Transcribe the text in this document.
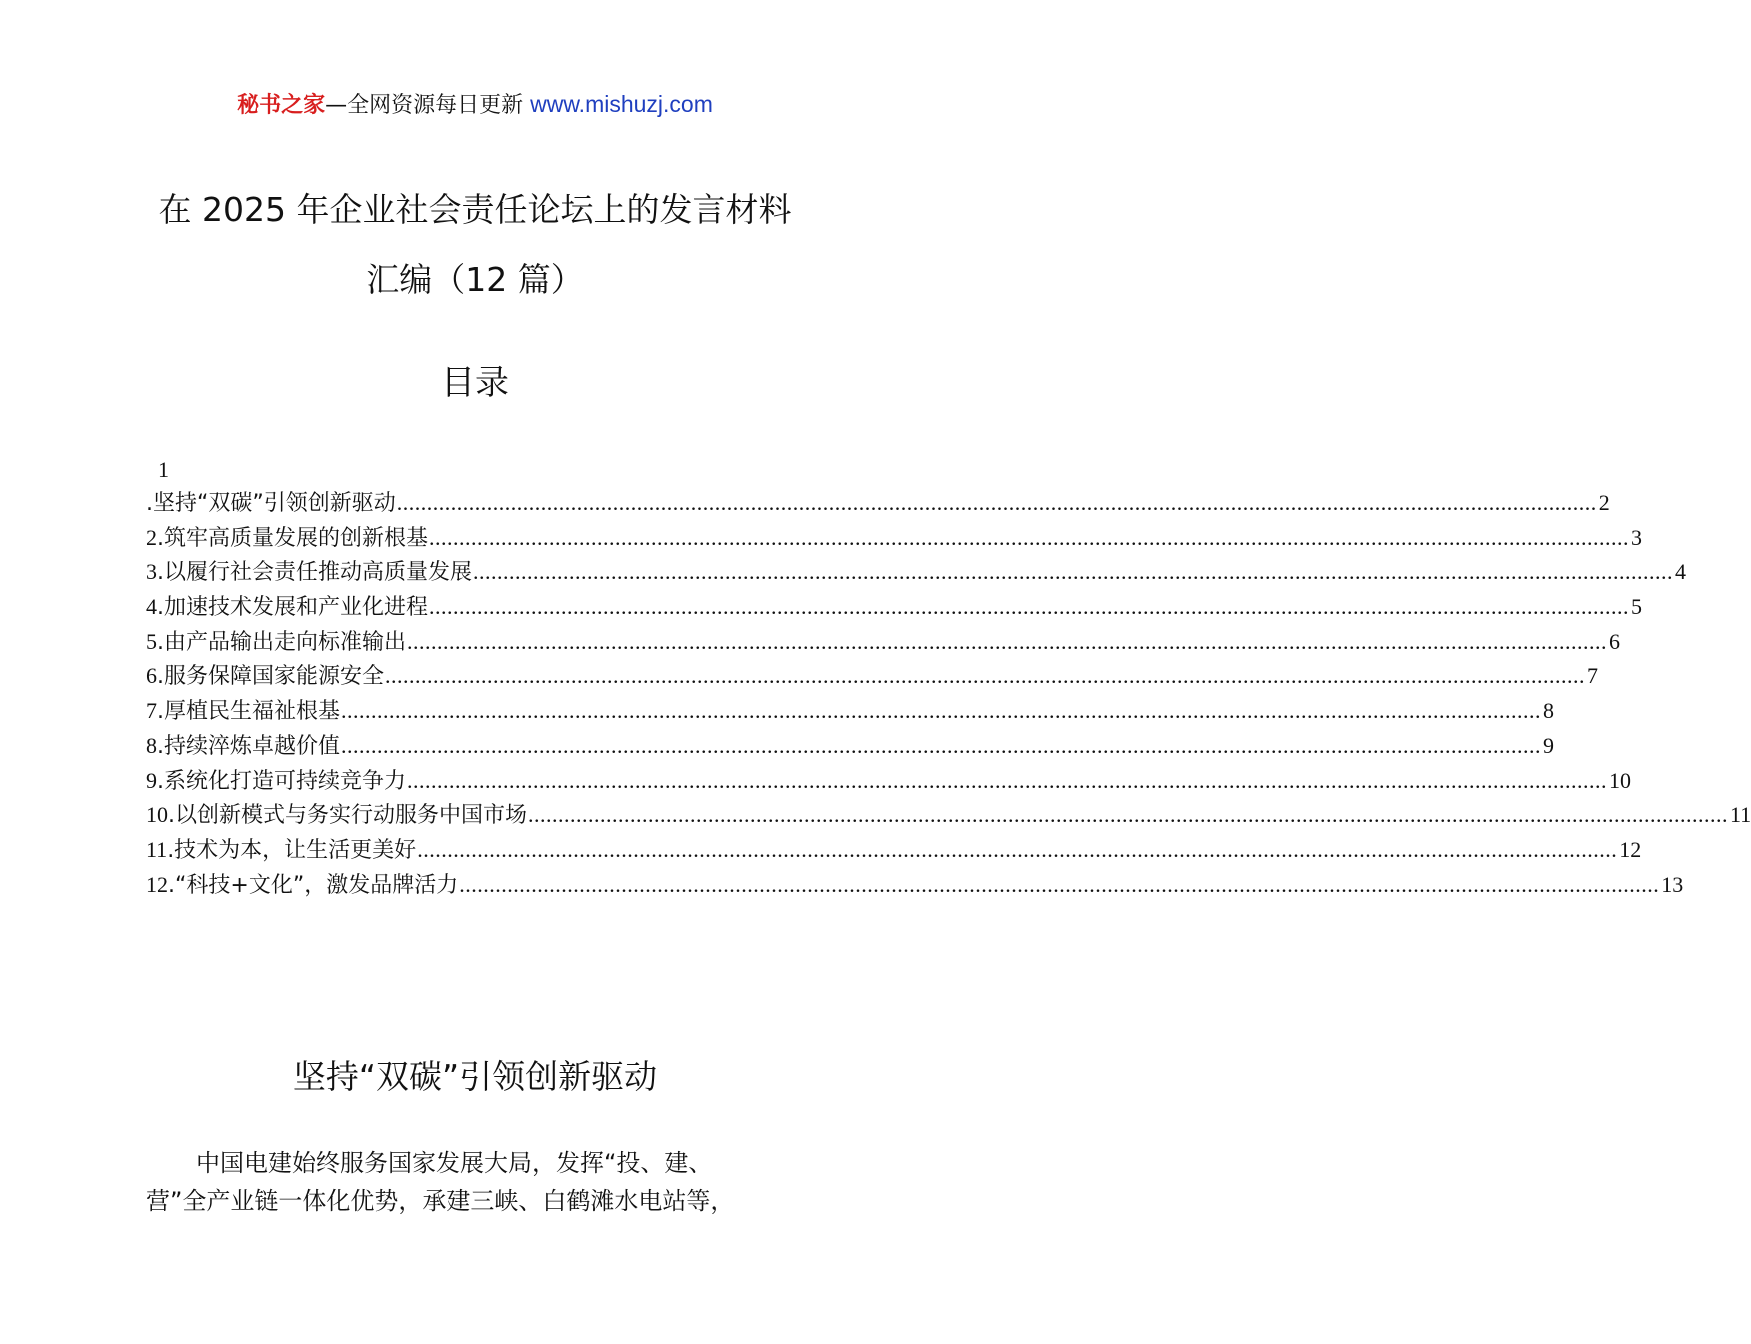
秘书之家—全网资源每日更新 www.mishuzj.com
在 2025 年企业社会责任论坛上的发言材料
汇编（12 篇）
目录
1
.坚持“双碳”引领创新驱动 ........................................................................................................................................................................................................ 2
2.筑牢高质量发展的创新根基 ........................................................................................................................................................................................................ 3
3.以履行社会责任推动高质量发展 ........................................................................................................................................................................................................ 4
4.加速技术发展和产业化进程 ........................................................................................................................................................................................................ 5
5.由产品输出走向标准输出 ........................................................................................................................................................................................................ 6
6.服务保障国家能源安全 ........................................................................................................................................................................................................ 7
7.厚植民生福祉根基 ........................................................................................................................................................................................................ 8
8.持续淬炼卓越价值 ........................................................................................................................................................................................................ 9
9.系统化打造可持续竞争力 ........................................................................................................................................................................................................ 10
10.以创新模式与务实行动服务中国市场 ........................................................................................................................................................................................................ 11
11.技术为本，让生活更美好 ........................................................................................................................................................................................................ 12
12.“科技+文化”，激发品牌活力 ........................................................................................................................................................................................................ 13
坚持“双碳”引领创新驱动

中国电建始终服务国家发展大局，发挥“投、建、
营”全产业链一体化优势，承建三峡、白鹤滩水电站等，
